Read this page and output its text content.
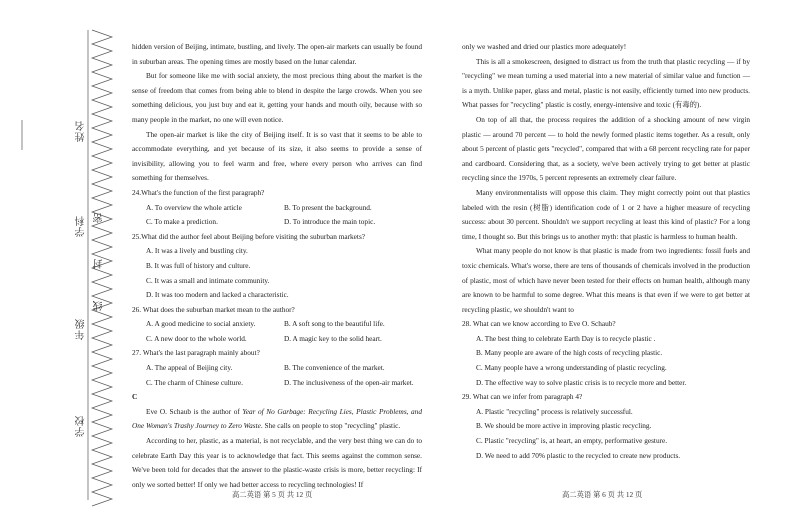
姓名
学科 密
封
线
年级
学校

hidden version of Beijing, intimate, bustling, and lively. The open-air markets can usually be found in suburban areas. The opening times are mostly based on the lunar calendar.

But for someone like me with social anxiety, the most precious thing about the market is the sense of freedom that comes from being able to blend in despite the large crowds. When you see something delicious, you just buy and eat it, getting your hands and mouth oily, because with so many people in the market, no one will even notice.

The open-air market is like the city of Beijing itself. It is so vast that it seems to be able to accommodate everything, and yet because of its size, it also seems to provide a sense of invisibility, allowing you to feel warm and free, where every person who arrives can find something for themselves.

24.What's the function of the first paragraph?

A. To overview the whole article	B. To present the background.
C. To make a prediction.	D. To introduce the main topic.

25.What did the author feel about Beijing before visiting the suburban markets?

A. It was a lively and bustling city.
B. It was full of history and culture.
C. It was a small and intimate community.
D. It was too modern and lacked a characteristic.

26. What does the suburban market mean to the author?

A. A good medicine to social anxiety.	B. A soft song to the beautiful life.
C. A new door to the whole world.	D. A magic key to the solid heart.

27. What's the last paragraph mainly about?

A. The appeal of Beijing city.	B. The convenience of the market.
C. The charm of Chinese culture.	D. The inclusiveness of the open-air market.

C

Eve O. Schaub is the author of Year of No Garbage: Recycling Lies, Plastic Problems, and One Woman's Trashy Journey to Zero Waste. She calls on people to stop "recycling" plastic.

According to her, plastic, as a material, is not recyclable, and the very best thing we can do to celebrate Earth Day this year is to acknowledge that fact. This seems against the common sense. We've been told for decades that the answer to the plastic-waste crisis is more, better recycling: If only we sorted better! If only we had better access to recycling technologies! If

高二英语 第 5 页 共 12 页

only we washed and dried our plastics more adequately!

This is all a smokescreen, designed to distract us from the truth that plastic recycling — if by "recycling" we mean turning a used material into a new material of similar value and function — is a myth. Unlike paper, glass and metal, plastic is not easily, efficiently turned into new products. What passes for "recycling" plastic is costly, energy-intensive and toxic (有毒的).

On top of all that, the process requires the addition of a shocking amount of new virgin plastic — around 70 percent — to hold the newly formed plastic items together. As a result, only about 5 percent of plastic gets "recycled", compared that with a 68 percent recycling rate for paper and cardboard. Considering that, as a society, we've been actively trying to get better at plastic recycling since the 1970s, 5 percent represents an extremely clear failure.

Many environmentalists will oppose this claim. They might correctly point out that plastics labeled with the resin (树脂) identification code of 1 or 2 have a higher measure of recycling success: about 30 percent. Shouldn't we support recycling at least this kind of plastic? For a long time, I thought so. But this brings us to another myth: that plastic is harmless to human health.

What many people do not know is that plastic is made from two ingredients: fossil fuels and toxic chemicals. What's worse, there are tens of thousands of chemicals involved in the production of plastic, most of which have never been tested for their effects on human health, although many are known to be harmful to some degree. What this means is that even if we were to get better at recycling plastic, we shouldn't want to

28. What can we know according to Eve O. Schaub?

A. The best thing to celebrate Earth Day is to recycle plastic .
B. Many people are aware of the high costs of recycling plastic.
C. Many people have a wrong understanding of plastic recycling.
D. The effective way to solve plastic crisis is to recycle more and better.

29. What can we infer from paragraph 4?

A. Plastic "recycling" process is relatively successful.
B. We should be more active in improving plastic recycling.
C. Plastic "recycling" is, at heart, an empty, performative gesture.
D. We need to add 70% plastic to the recycled to create new products.
高二英语 第 6 页 共 12 页
